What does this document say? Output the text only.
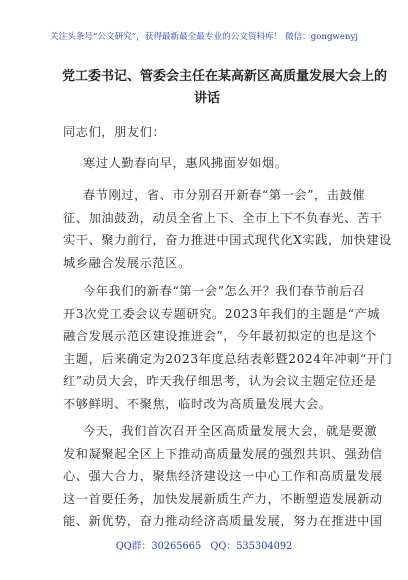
关注头条号“公文研究”，获得最新最全最专业的公文资料库！ 微信：gongwenyj
党工委书记、管委会主任在某高新区高质量发展大会上的
讲话
同志们，朋友们：
寒过人勤春向早，惠风拂面岁如烟。
春节刚过，省、市分别召开新春“第一会”，击鼓催
征、加油鼓劲，动员全省上下、全市上下不负春光、苦干
实干、聚力前行，奋力推进中国式现代化X实践，加快建设
城乡融合发展示范区。
今年我们的新春“第一会”怎么开？我们春节前后召
开3次党工委会议专题研究。2023年我们的主题是“产城
融合发展示范区建设推进会”，今年最初拟定的也是这个
主题，后来确定为2023年度总结表彰暨2024年冲刺“开门
红”动员大会，昨天我仔细思考，认为会议主题定位还是
不够鲜明、不聚焦，临时改为高质量发展大会。
今天，我们首次召开全区高质量发展大会，就是要激
发和凝聚起全区上下推动高质量发展的强烈共识、强劲信
心、强大合力，聚焦经济建设这一中心工作和高质量发展
这一首要任务，加快发展新质生产力，不断塑造发展新动
能、新优势，奋力推动经济高质量发展，努力在推进中国
QQ群：30265665 QQ：535304092
